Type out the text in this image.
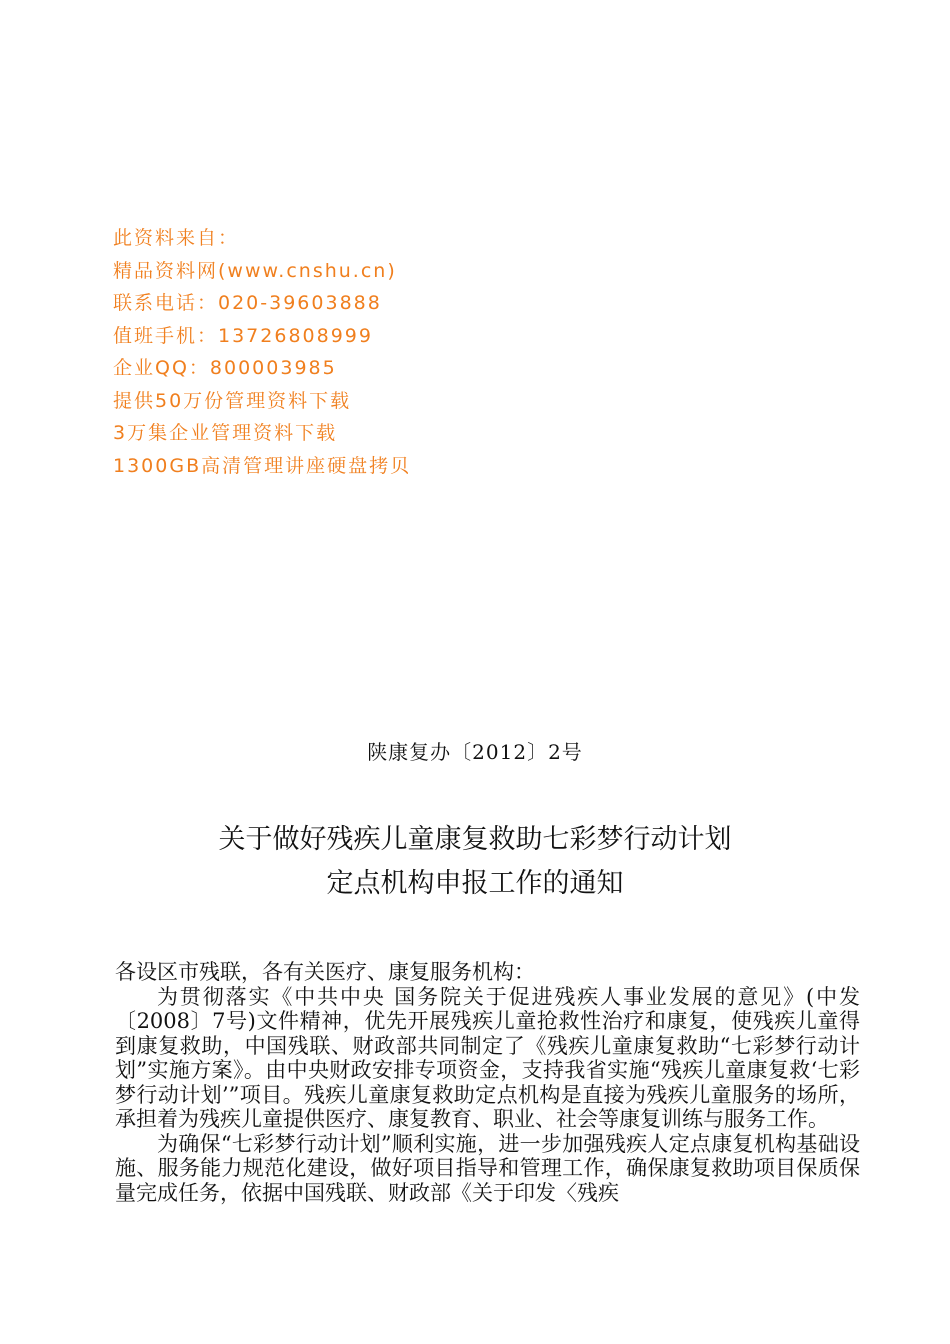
此资料来自：
精品资料网(www.cnshu.cn)
联系电话：020-39603888
值班手机：13726808999
企业QQ：800003985
提供50万份管理资料下载
3万集企业管理资料下载
1300GB高清管理讲座硬盘拷贝
陕康复办〔2012〕2号
关于做好残疾儿童康复救助七彩梦行动计划
定点机构申报工作的通知
各设区市残联，各有关医疗、康复服务机构：

为贯彻落实《中共中央 国务院关于促进残疾人事业发展的意见》(中发〔2008〕7号)文件精神，优先开展残疾儿童抢救性治疗和康复，使残疾儿童得到康复救助，中国残联、财政部共同制定了《残疾儿童康复救助“七彩梦行动计划”实施方案》。由中央财政安排专项资金，支持我省实施“残疾儿童康复救‘七彩梦行动计划’”项目。残疾儿童康复救助定点机构是直接为残疾儿童服务的场所，承担着为残疾儿童提供医疗、康复教育、职业、社会等康复训练与服务工作。

为确保“七彩梦行动计划”顺利实施，进一步加强残疾人定点康复机构基础设施、服务能力规范化建设，做好项目指导和管理工作，确保康复救助项目保质保量完成任务，依据中国残联、财政部《关于印发〈残疾
